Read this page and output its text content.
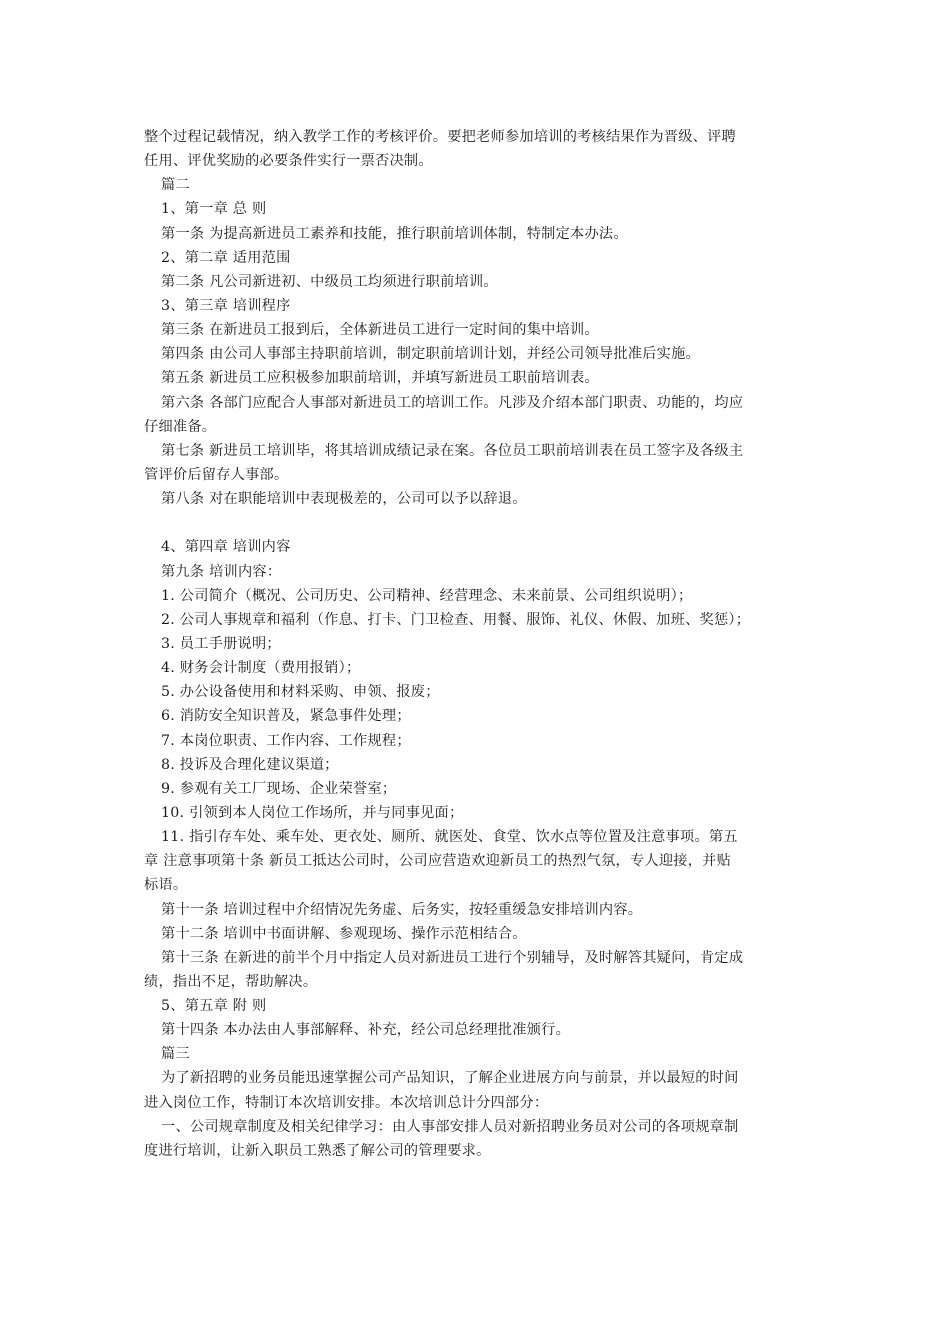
整个过程记载情况，纳入教学工作的考核评价。要把老师参加培训的考核结果作为晋级、评聘
任用、评优奖励的必要条件实行一票否决制。
篇二
1、第一章 总 则
第一条 为提高新进员工素养和技能，推行职前培训体制，特制定本办法。
2、第二章 适用范围
第二条 凡公司新进初、中级员工均须进行职前培训。
3、第三章 培训程序
第三条 在新进员工报到后，全体新进员工进行一定时间的集中培训。
第四条 由公司人事部主持职前培训，制定职前培训计划，并经公司领导批准后实施。
第五条 新进员工应积极参加职前培训，并填写新进员工职前培训表。
第六条 各部门应配合人事部对新进员工的培训工作。凡涉及介绍本部门职责、功能的，均应
仔细准备。
第七条 新进员工培训毕，将其培训成绩记录在案。各位员工职前培训表在员工签字及各级主
管评价后留存人事部。
第八条 对在职能培训中表现极差的，公司可以予以辞退。
4、第四章 培训内容
第九条 培训内容：
1. 公司简介（概况、公司历史、公司精神、经营理念、未来前景、公司组织说明）；
2. 公司人事规章和福利（作息、打卡、门卫检查、用餐、服饰、礼仪、休假、加班、奖惩）；
3. 员工手册说明；
4. 财务会计制度（费用报销）；
5. 办公设备使用和材料采购、申领、报废；
6. 消防安全知识普及，紧急事件处理；
7. 本岗位职责、工作内容、工作规程；
8. 投诉及合理化建议渠道；
9. 参观有关工厂现场、企业荣誉室；
10. 引领到本人岗位工作场所，并与同事见面；
11. 指引存车处、乘车处、更衣处、厕所、就医处、食堂、饮水点等位置及注意事项。第五
章 注意事项第十条 新员工抵达公司时，公司应营造欢迎新员工的热烈气氛，专人迎接，并贴
标语。
第十一条 培训过程中介绍情况先务虚、后务实，按轻重缓急安排培训内容。
第十二条 培训中书面讲解、参观现场、操作示范相结合。
第十三条 在新进的前半个月中指定人员对新进员工进行个别辅导，及时解答其疑问，肯定成
绩，指出不足，帮助解决。
5、第五章 附 则
第十四条 本办法由人事部解释、补充，经公司总经理批准颁行。
篇三
为了新招聘的业务员能迅速掌握公司产品知识，了解企业进展方向与前景，并以最短的时间
进入岗位工作，特制订本次培训安排。本次培训总计分四部分：
一、公司规章制度及相关纪律学习：由人事部安排人员对新招聘业务员对公司的各项规章制
度进行培训，让新入职员工熟悉了解公司的管理要求。
